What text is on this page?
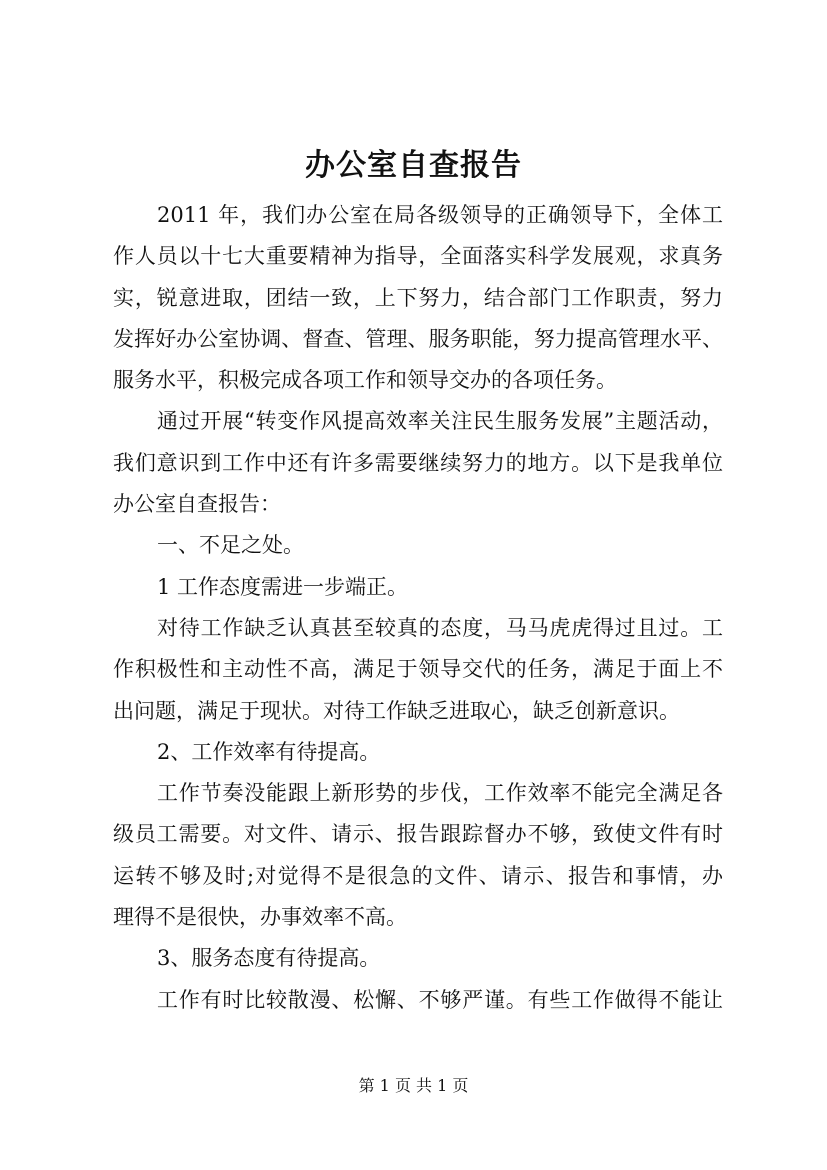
办公室自查报告
2011 年，我们办公室在局各级领导的正确领导下，全体工
作人员以十七大重要精神为指导，全面落实科学发展观，求真务
实，锐意进取，团结一致，上下努力，结合部门工作职责，努力
发挥好办公室协调、督查、管理、服务职能，努力提高管理水平、
服务水平，积极完成各项工作和领导交办的各项任务。
通过开展“转变作风提高效率关注民生服务发展”主题活动，
我们意识到工作中还有许多需要继续努力的地方。以下是我单位
办公室自查报告：
一、不足之处。
1 工作态度需进一步端正。
对待工作缺乏认真甚至较真的态度，马马虎虎得过且过。工
作积极性和主动性不高，满足于领导交代的任务，满足于面上不
出问题，满足于现状。对待工作缺乏进取心，缺乏创新意识。
2、工作效率有待提高。
工作节奏没能跟上新形势的步伐，工作效率不能完全满足各
级员工需要。对文件、请示、报告跟踪督办不够，致使文件有时
运转不够及时;对觉得不是很急的文件、请示、报告和事情，办
理得不是很快，办事效率不高。
3、服务态度有待提高。
工作有时比较散漫、松懈、不够严谨。有些工作做得不能让
第 1 页 共 1 页
